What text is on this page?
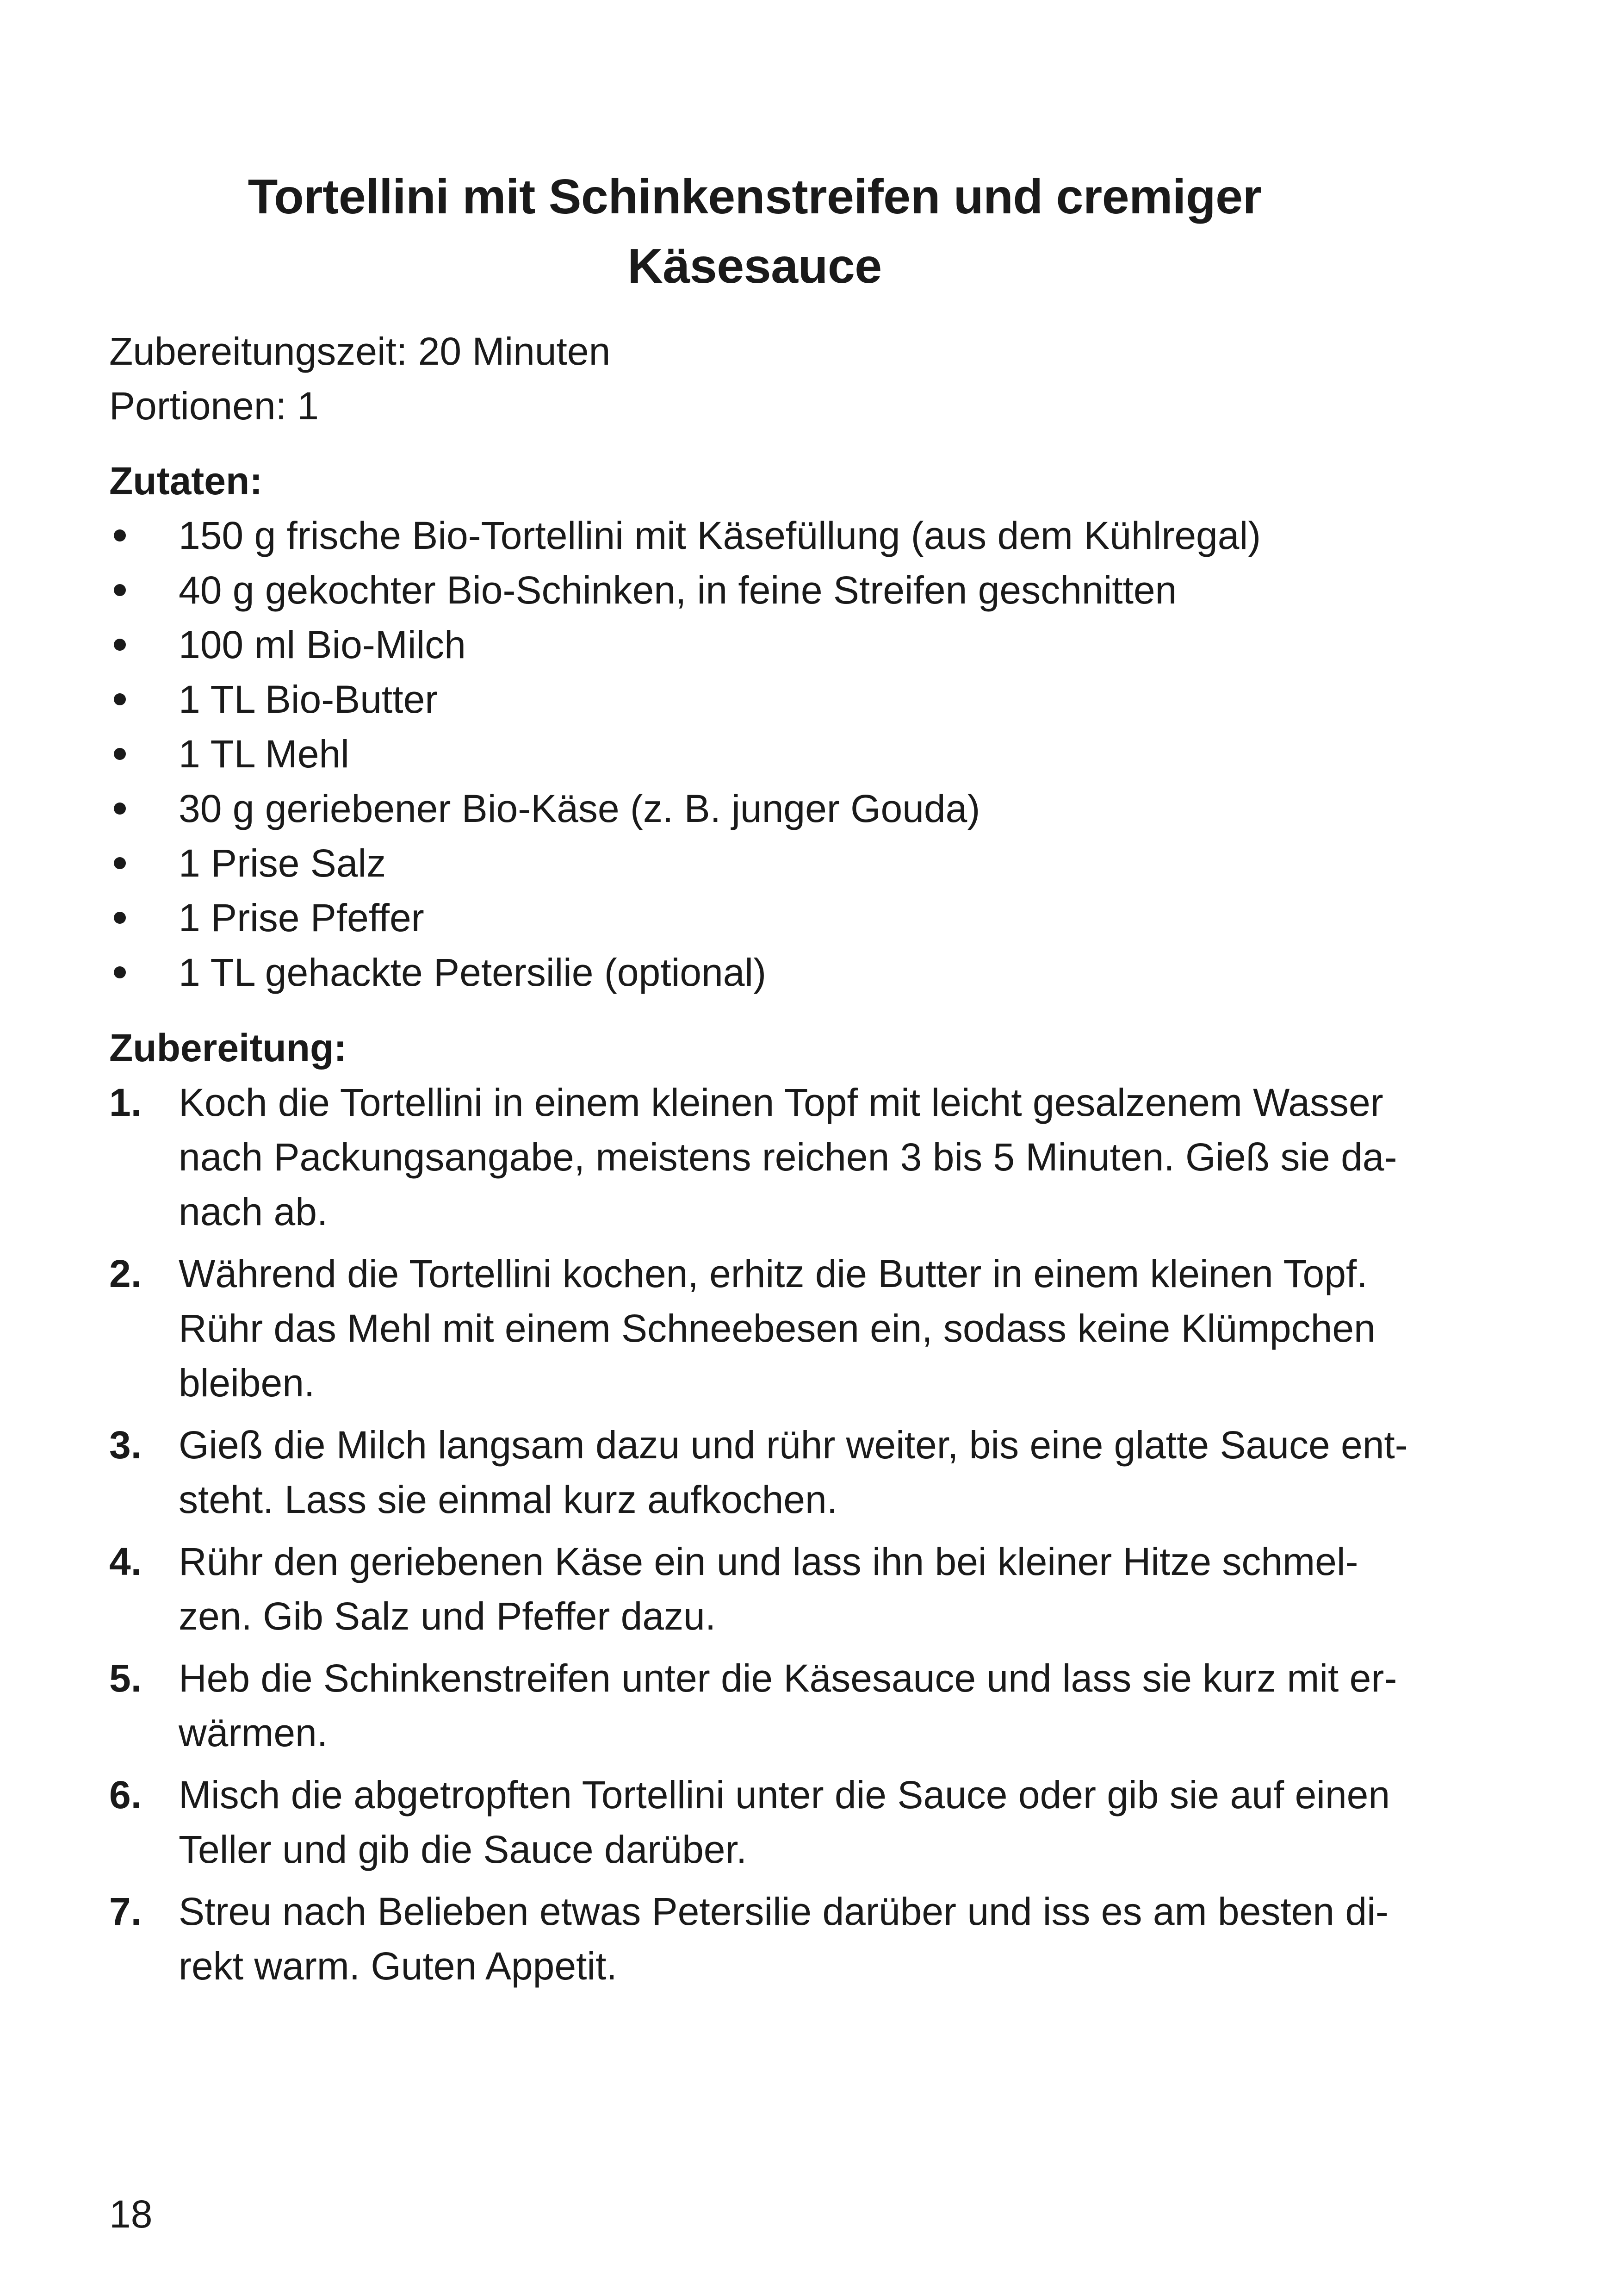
Tortellini mit Schinkenstreifen und cremiger
Käsesauce
Zubereitungszeit: 20 Minuten
Portionen: 1
Zutaten:
150 g frische Bio-Tortellini mit Käsefüllung (aus dem Kühlregal)
40 g gekochter Bio-Schinken, in feine Streifen geschnitten
100 ml Bio-Milch
1 TL Bio-Butter
1 TL Mehl
30 g geriebener Bio-Käse (z. B. junger Gouda)
1 Prise Salz
1 Prise Pfeffer
1 TL gehackte Petersilie (optional)
Zubereitung:
1. Koch die Tortellini in einem kleinen Topf mit leicht gesalzenem Wasser
nach Packungsangabe, meistens reichen 3 bis 5 Minuten. Gieß sie da-
nach ab.
2. Während die Tortellini kochen, erhitz die Butter in einem kleinen Topf.
Rühr das Mehl mit einem Schneebesen ein, sodass keine Klümpchen
bleiben.
3. Gieß die Milch langsam dazu und rühr weiter, bis eine glatte Sauce ent-
steht. Lass sie einmal kurz aufkochen.
4. Rühr den geriebenen Käse ein und lass ihn bei kleiner Hitze schmel-
zen. Gib Salz und Pfeffer dazu.
5. Heb die Schinkenstreifen unter die Käsesauce und lass sie kurz mit er-
wärmen.
6. Misch die abgetropften Tortellini unter die Sauce oder gib sie auf einen
Teller und gib die Sauce darüber.
7. Streu nach Belieben etwas Petersilie darüber und iss es am besten di-
rekt warm. Guten Appetit.
18
